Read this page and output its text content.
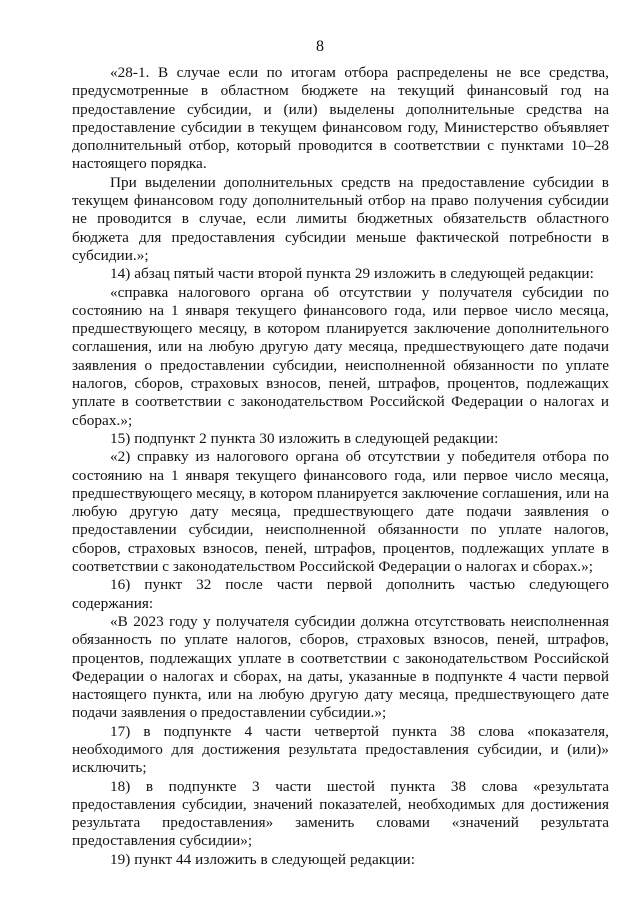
8

«28-1. В случае если по итогам отбора распределены не все средства, предусмотренные в областном бюджете на текущий финансовый год на предоставление субсидии, и (или) выделены дополнительные средства на предоставление субсидии в текущем финансовом году, Министерство объявляет дополнительный отбор, который проводится в соответствии с пунктами 10–28 настоящего порядка.

При выделении дополнительных средств на предоставление субсидии в текущем финансовом году дополнительный отбор на право получения субсидии не проводится в случае, если лимиты бюджетных обязательств областного бюджета для предоставления субсидии меньше фактической потребности в субсидии.»;

14) абзац пятый части второй пункта 29 изложить в следующей редакции:

«справка налогового органа об отсутствии у получателя субсидии по состоянию на 1 января текущего финансового года, или первое число месяца, предшествующего месяцу, в котором планируется заключение дополнительного соглашения, или на любую другую дату месяца, предшествующего дате подачи заявления о предоставлении субсидии, неисполненной обязанности по уплате налогов, сборов, страховых взносов, пеней, штрафов, процентов, подлежащих уплате в соответствии с законодательством Российской Федерации о налогах и сборах.»;

15) подпункт 2 пункта 30 изложить в следующей редакции:

«2) справку из налогового органа об отсутствии у победителя отбора по состоянию на 1 января текущего финансового года, или первое число месяца, предшествующего месяцу, в котором планируется заключение соглашения, или на любую другую дату месяца, предшествующего дате подачи заявления о предоставлении субсидии, неисполненной обязанности по уплате налогов, сборов, страховых взносов, пеней, штрафов, процентов, подлежащих уплате в соответствии с законодательством Российской Федерации о налогах и сборах.»;

16) пункт 32 после части первой дополнить частью следующего содержания:

«В 2023 году у получателя субсидии должна отсутствовать неисполненная обязанность по уплате налогов, сборов, страховых взносов, пеней, штрафов, процентов, подлежащих уплате в соответствии с законодательством Российской Федерации о налогах и сборах, на даты, указанные в подпункте 4 части первой настоящего пункта, или на любую другую дату месяца, предшествующего дате подачи заявления о предоставлении субсидии.»;

17) в подпункте 4 части четвертой пункта 38 слова «показателя, необходимого для достижения результата предоставления субсидии, и (или)» исключить;

18) в подпункте 3 части шестой пункта 38 слова «результата предоставления субсидии, значений показателей, необходимых для достижения результата предоставления» заменить словами «значений результата предоставления субсидии»;

19) пункт 44 изложить в следующей редакции:
